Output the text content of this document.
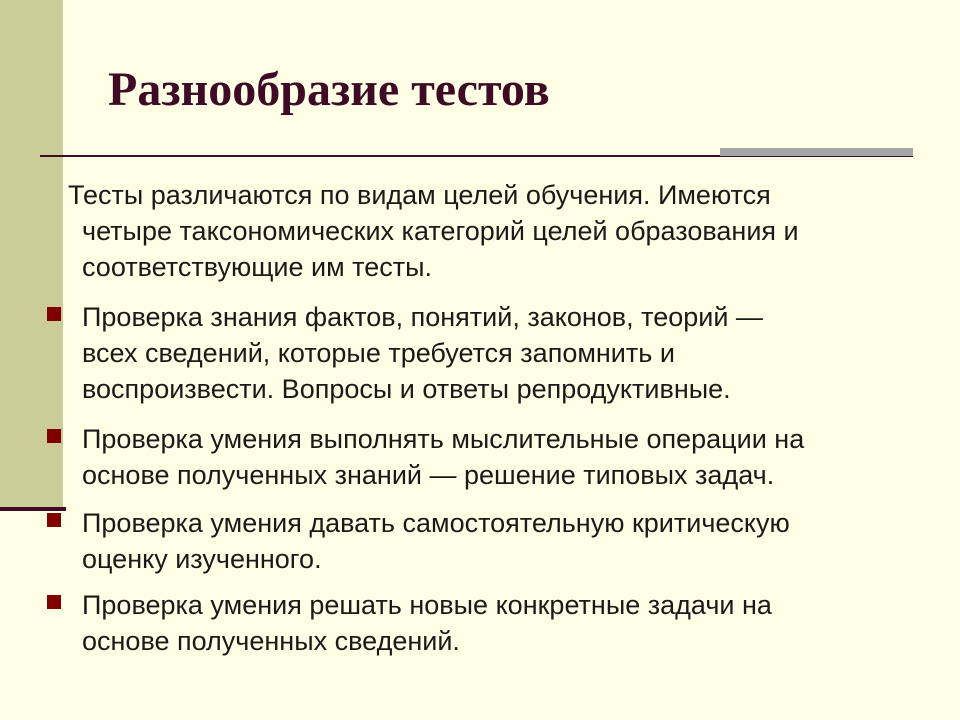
Разнообразие тестов

Тесты различаются по видам целей обучения. Имеются
четыре таксономических категорий целей образования и
соответствующие им тесты.

Проверка знания фактов, понятий, законов, теорий —
всех сведений, которые требуется запомнить и
воспроизвести. Вопросы и ответы репродуктивные.

Проверка умения выполнять мыслительные операции на
основе полученных знаний — решение типовых задач.

Проверка умения давать самостоятельную критическую
оценку изученного.

Проверка умения решать новые конкретные задачи на
основе полученных сведений.
